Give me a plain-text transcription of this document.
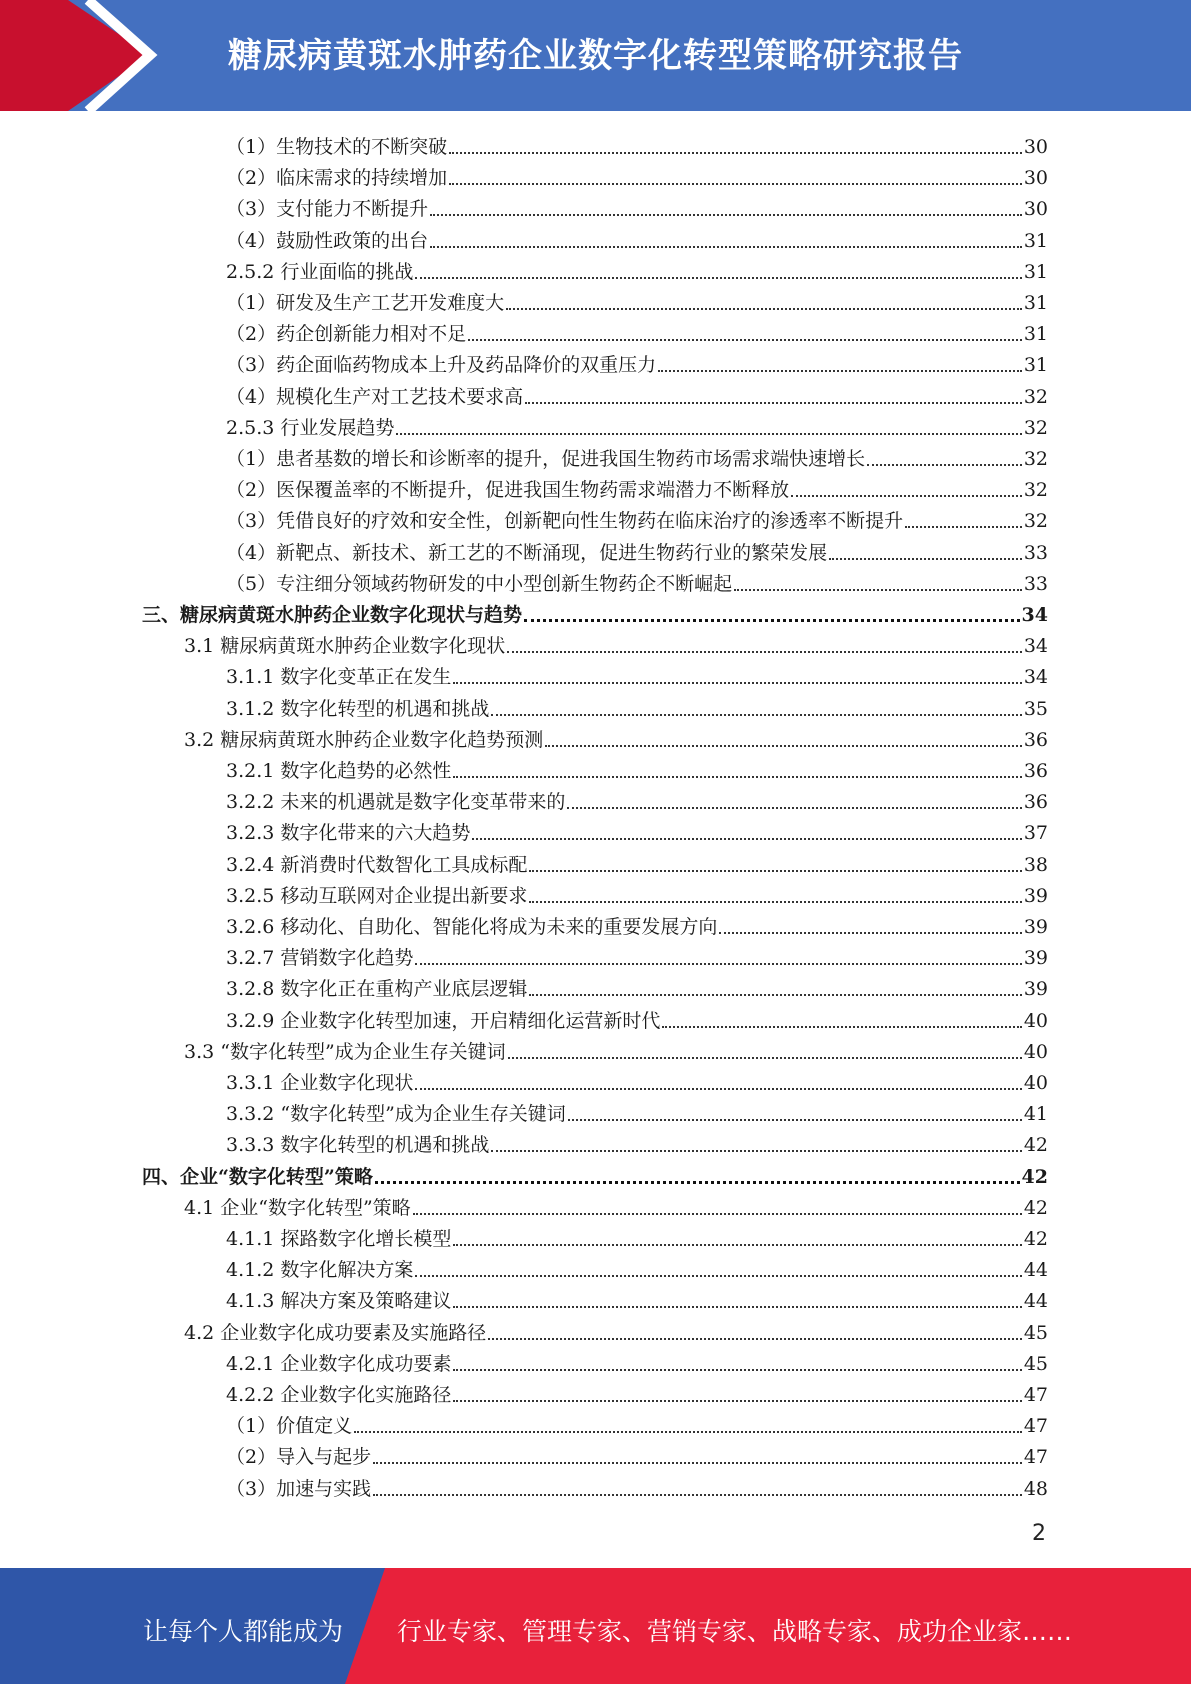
糖尿病黄斑水肿药企业数字化转型策略研究报告
（1）生物技术的不断突破	30
（2）临床需求的持续增加	30
（3）支付能力不断提升	30
（4）鼓励性政策的出台	31
2.5.2 行业面临的挑战	31
（1）研发及生产工艺开发难度大	31
（2）药企创新能力相对不足	31
（3）药企面临药物成本上升及药品降价的双重压力	31
（4）规模化生产对工艺技术要求高	32
2.5.3 行业发展趋势	32
（1）患者基数的增长和诊断率的提升，促进我国生物药市场需求端快速增长	32
（2）医保覆盖率的不断提升，促进我国生物药需求端潜力不断释放	32
（3）凭借良好的疗效和安全性，创新靶向性生物药在临床治疗的渗透率不断提升	32
（4）新靶点、新技术、新工艺的不断涌现，促进生物药行业的繁荣发展	33
（5）专注细分领域药物研发的中小型创新生物药企不断崛起	33
三、糖尿病黄斑水肿药企业数字化现状与趋势	34
3.1 糖尿病黄斑水肿药企业数字化现状	34
3.1.1 数字化变革正在发生	34
3.1.2 数字化转型的机遇和挑战	35
3.2 糖尿病黄斑水肿药企业数字化趋势预测	36
3.2.1 数字化趋势的必然性	36
3.2.2 未来的机遇就是数字化变革带来的	36
3.2.3 数字化带来的六大趋势	37
3.2.4 新消费时代数智化工具成标配	38
3.2.5 移动互联网对企业提出新要求	39
3.2.6 移动化、自助化、智能化将成为未来的重要发展方向	39
3.2.7 营销数字化趋势	39
3.2.8 数字化正在重构产业底层逻辑	39
3.2.9 企业数字化转型加速，开启精细化运营新时代	40
3.3 “数字化转型”成为企业生存关键词	40
3.3.1 企业数字化现状	40
3.3.2 “数字化转型”成为企业生存关键词	41
3.3.3 数字化转型的机遇和挑战	42
四、企业“数字化转型”策略	42
4.1 企业“数字化转型”策略	42
4.1.1 探路数字化增长模型	42
4.1.2 数字化解决方案	44
4.1.3 解决方案及策略建议	44
4.2 企业数字化成功要素及实施路径	45
4.2.1 企业数字化成功要素	45
4.2.2 企业数字化实施路径	47
（1）价值定义	47
（2）导入与起步	47
（3）加速与实践	48
2
让每个人都能成为 行业专家、管理专家、营销专家、战略专家、成功企业家……
